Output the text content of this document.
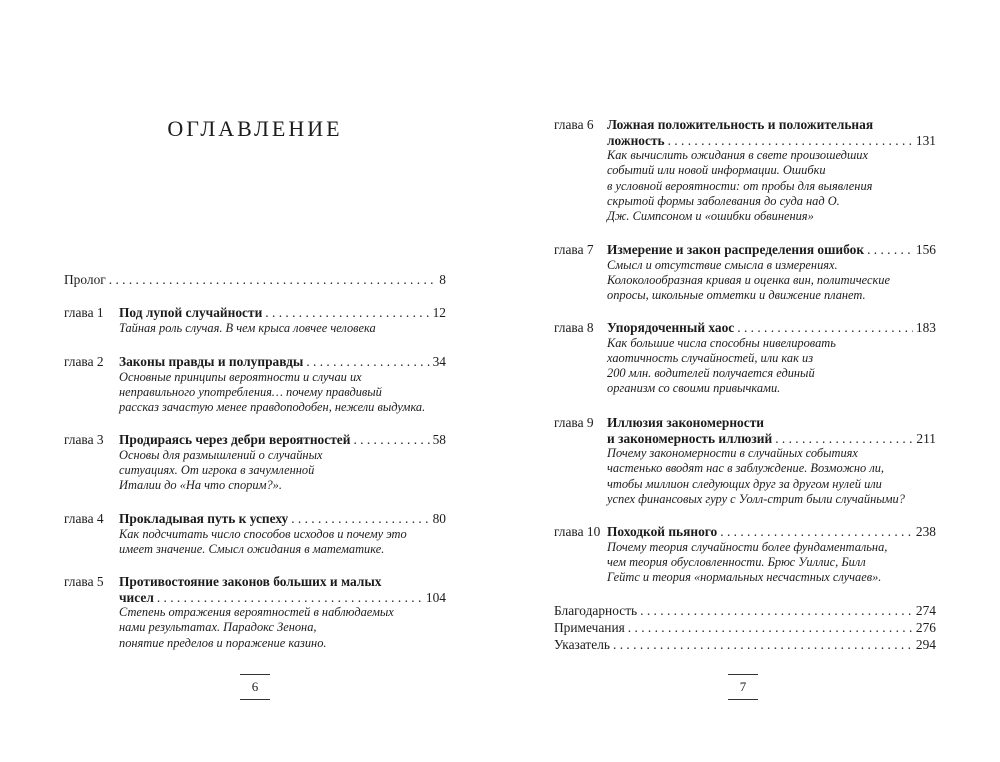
ОГЛАВЛЕНИЕ
Пролог . . .	8
глава 1	Под лупой случайности . . .	12
Тайная роль случая. В чем крыса ловчее человека
глава 2	Законы правды и полуправды . . .	34
Основные принципы вероятности и случаи их
неправильного употребления… почему правдивый
рассказ зачастую менее правдоподобен, нежели выдумка.
глава 3	Продираясь через дебри вероятностей . . .	58
Основы для размышлений о случайных
ситуациях. От игрока в зачумленной
Италии до «На что спорим?».
глава 4	Прокладывая путь к успеху . . .	80
Как подсчитать число способов исходов и почему это
имеет значение. Смысл ожидания в математике.
глава 5	Противостояние законов больших и малых
чисел . . .	104
Степень отражения вероятностей в наблюдаемых
нами результатах. Парадокс Зенона,
понятие пределов и поражение казино.
6
глава 6	Ложная положительность и положительная
ложность . . .	131
Как вычислить ожидания в свете произошедших
событий или новой информации. Ошибки
в условной вероятности: от пробы для выявления
скрытой формы заболевания до суда над О.
Дж. Симпсоном и «ошибки обвинения»
глава 7	Измерение и закон распределения ошибок . . .	156
Смысл и отсутствие смысла в измерениях.
Колоколообразная кривая и оценка вин, политические
опросы, школьные отметки и движение планет.
глава 8	Упорядоченный хаос . . .	183
Как большие числа способны нивелировать
хаотичность случайностей, или как из
200 млн. водителей получается единый
организм со своими привычками.
глава 9	Иллюзия закономерности
и закономерность иллюзий . . .	211
Почему закономерности в случайных событиях
частенько вводят нас в заблуждение. Возможно ли,
чтобы миллион следующих друг за другом нулей или
успех финансовых гуру с Уолл-стрит были случайными?
глава 10 Походкой пьяного . . .	238
Почему теория случайности более фундаментальна,
чем теория обусловленности. Брюс Уиллис, Билл
Гейтс и теория «нормальных несчастных случаев».
Благодарность . . .	274
Примечания . . .	276
Указатель . . .	294
7
